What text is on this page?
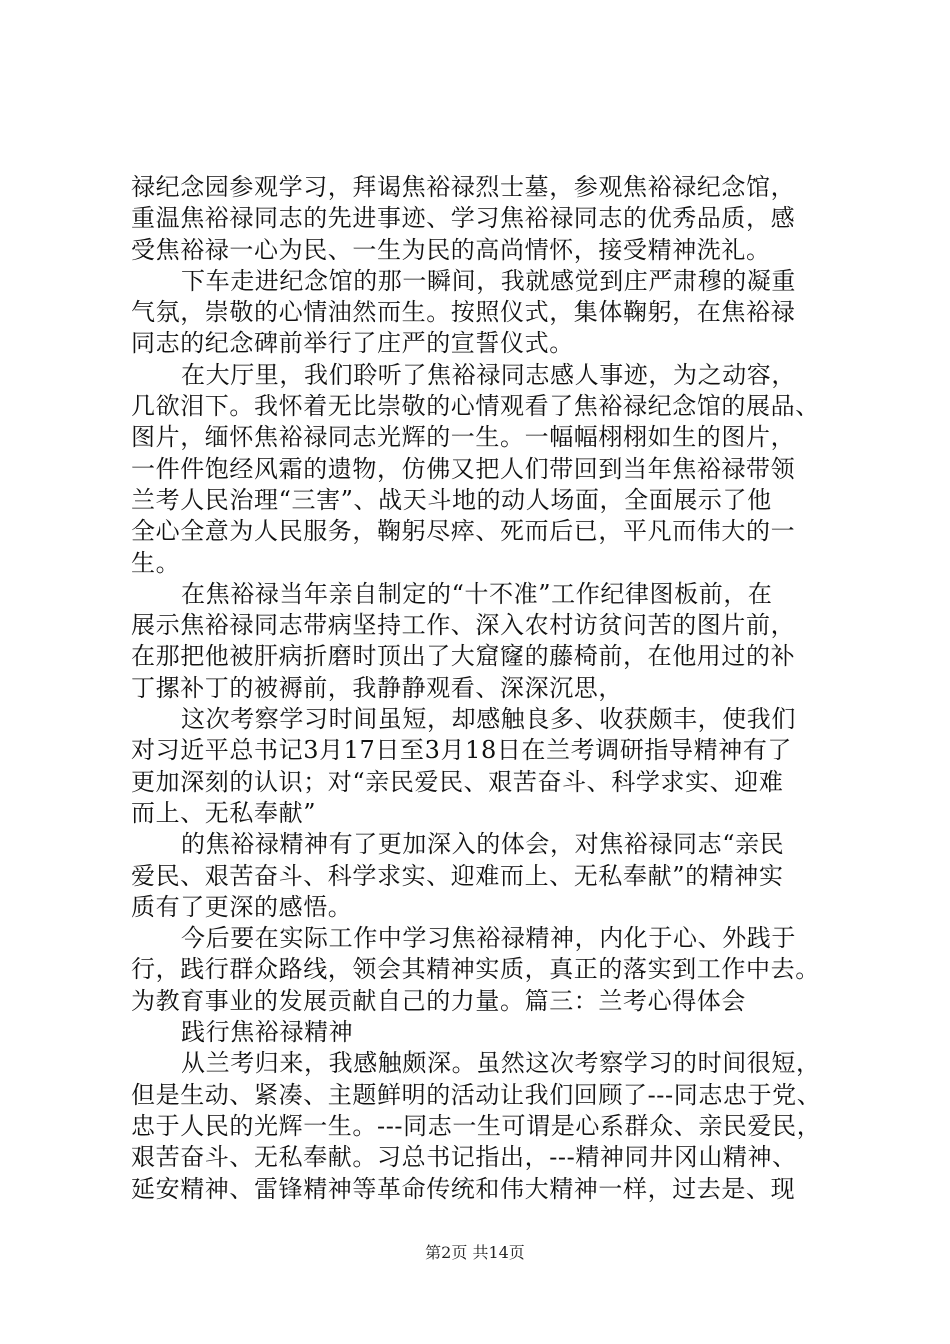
禄纪念园参观学习，拜谒焦裕禄烈士墓，参观焦裕禄纪念馆，
重温焦裕禄同志的先进事迹、学习焦裕禄同志的优秀品质，感
受焦裕禄一心为民、一生为民的高尚情怀，接受精神洗礼。
下车走进纪念馆的那一瞬间，我就感觉到庄严肃穆的凝重
气氛，崇敬的心情油然而生。按照仪式，集体鞠躬，在焦裕禄
同志的纪念碑前举行了庄严的宣誓仪式。
在大厅里，我们聆听了焦裕禄同志感人事迹，为之动容，
几欲泪下。我怀着无比崇敬的心情观看了焦裕禄纪念馆的展品、
图片，缅怀焦裕禄同志光辉的一生。一幅幅栩栩如生的图片，
一件件饱经风霜的遗物，仿佛又把人们带回到当年焦裕禄带领
兰考人民治理“三害”、战天斗地的动人场面，全面展示了他
全心全意为人民服务，鞠躬尽瘁、死而后已，平凡而伟大的一
生。
在焦裕禄当年亲自制定的“十不准”工作纪律图板前，在
展示焦裕禄同志带病坚持工作、深入农村访贫问苦的图片前，
在那把他被肝病折磨时顶出了大窟窿的藤椅前，在他用过的补
丁摞补丁的被褥前，我静静观看、深深沉思，
这次考察学习时间虽短，却感触良多、收获颇丰，使我们
对习近平总书记3月17日至3月18日在兰考调研指导精神有了
更加深刻的认识；对“亲民爱民、艰苦奋斗、科学求实、迎难
而上、无私奉献”
的焦裕禄精神有了更加深入的体会，对焦裕禄同志“亲民
爱民、艰苦奋斗、科学求实、迎难而上、无私奉献”的精神实
质有了更深的感悟。
今后要在实际工作中学习焦裕禄精神，内化于心、外践于
行，践行群众路线，领会其精神实质，真正的落实到工作中去。
为教育事业的发展贡献自己的力量。篇三：兰考心得体会
践行焦裕禄精神
从兰考归来，我感触颇深。虽然这次考察学习的时间很短，
但是生动、紧凑、主题鲜明的活动让我们回顾了---同志忠于党、
忠于人民的光辉一生。---同志一生可谓是心系群众、亲民爱民，
艰苦奋斗、无私奉献。习总书记指出，---精神同井冈山精神、
延安精神、雷锋精神等革命传统和伟大精神一样，过去是、现
第2页 共14页
